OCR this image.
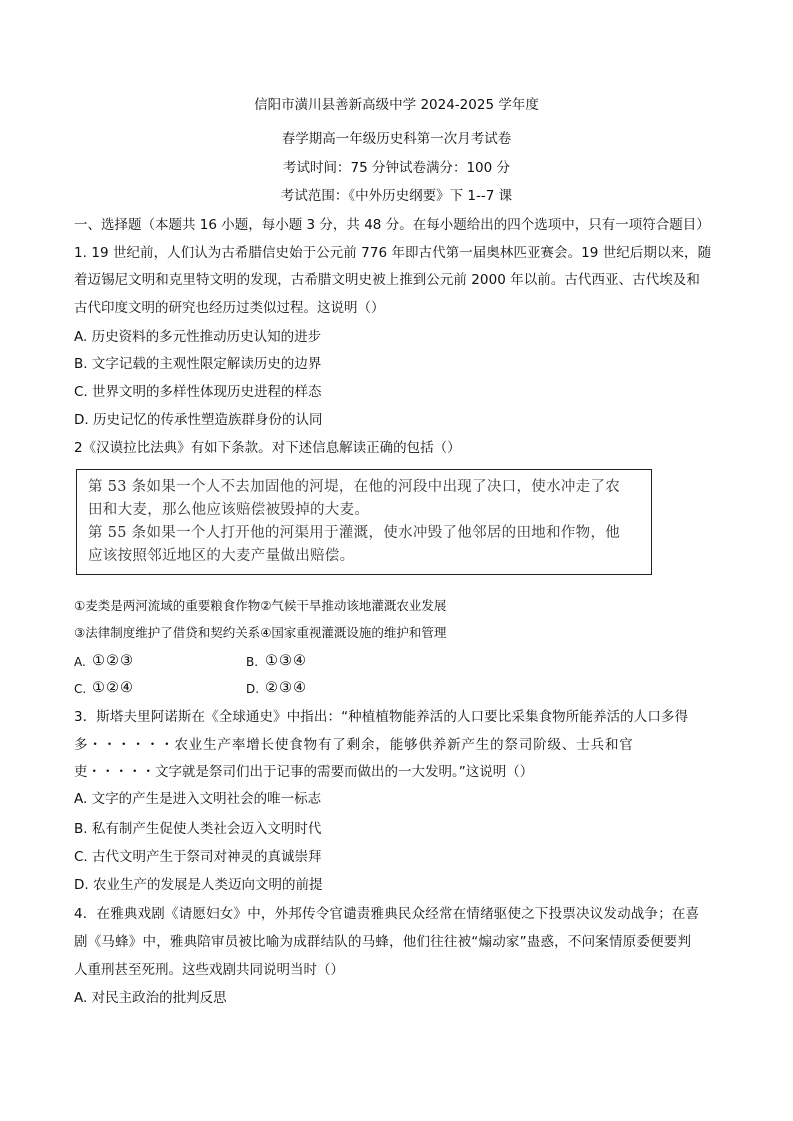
信阳市潢川县善新高级中学 2024-2025 学年度
春学期高一年级历史科第一次月考试卷
考试时间：75 分钟试卷满分：100 分
考试范围：《中外历史纲要》下 1--7 课
一、选择题（本题共 16 小题，每小题 3 分，共 48 分。在每小题给出的四个选项中，只有一项符合题目）
1. 19 世纪前，人们认为古希腊信史始于公元前 776 年即古代第一届奥林匹亚赛会。19 世纪后期以来，随
着迈锡尼文明和克里特文明的发现，古希腊文明史被上推到公元前 2000 年以前。古代西亚、古代埃及和
古代印度文明的研究也经历过类似过程。这说明（）
A. 历史资料的多元性推动历史认知的进步
B. 文字记载的主观性限定解读历史的边界
C. 世界文明的多样性体现历史进程的样态
D. 历史记忆的传承性塑造族群身份的认同
2《汉谟拉比法典》有如下条款。对下述信息解读正确的包括（）
第 53 条如果一个人不去加固他的河堤，在他的河段中出现了决口，使水冲走了农
田和大麦，那么他应该赔偿被毁掉的大麦。
第 55 条如果一个人打开他的河渠用于灌溉，使水冲毁了他邻居的田地和作物，他
应该按照邻近地区的大麦产量做出赔偿。
①麦类是两河流域的重要粮食作物②气候干旱推动该地灌溉农业发展
③法律制度维护了借贷和契约关系④国家重视灌溉设施的维护和管理
A. ①②③	B. ①③④
C. ①②④	D. ②③④
3．斯塔夫里阿诺斯在《全球通史》中指出：“种植植物能养活的人口要比采集食物所能养活的人口多得
多・・・・・・农业生产率增长使食物有了剩余，能够供养新产生的祭司阶级、士兵和官
吏・・・・・文字就是祭司们出于记事的需要而做出的一大发明。”这说明（）
A. 文字的产生是进入文明社会的唯一标志
B. 私有制产生促使人类社会迈入文明时代
C. 古代文明产生于祭司对神灵的真诚崇拜
D. 农业生产的发展是人类迈向文明的前提
4．在雅典戏剧《请愿妇女》中，外邦传令官谴责雅典民众经常在情绪驱使之下投票决议发动战争；在喜
剧《马蜂》中，雅典陪审员被比喻为成群结队的马蜂，他们往往被“煽动家”蛊惑，不问案情原委便要判
人重刑甚至死刑。这些戏剧共同说明当时（）
A. 对民主政治的批判反思
